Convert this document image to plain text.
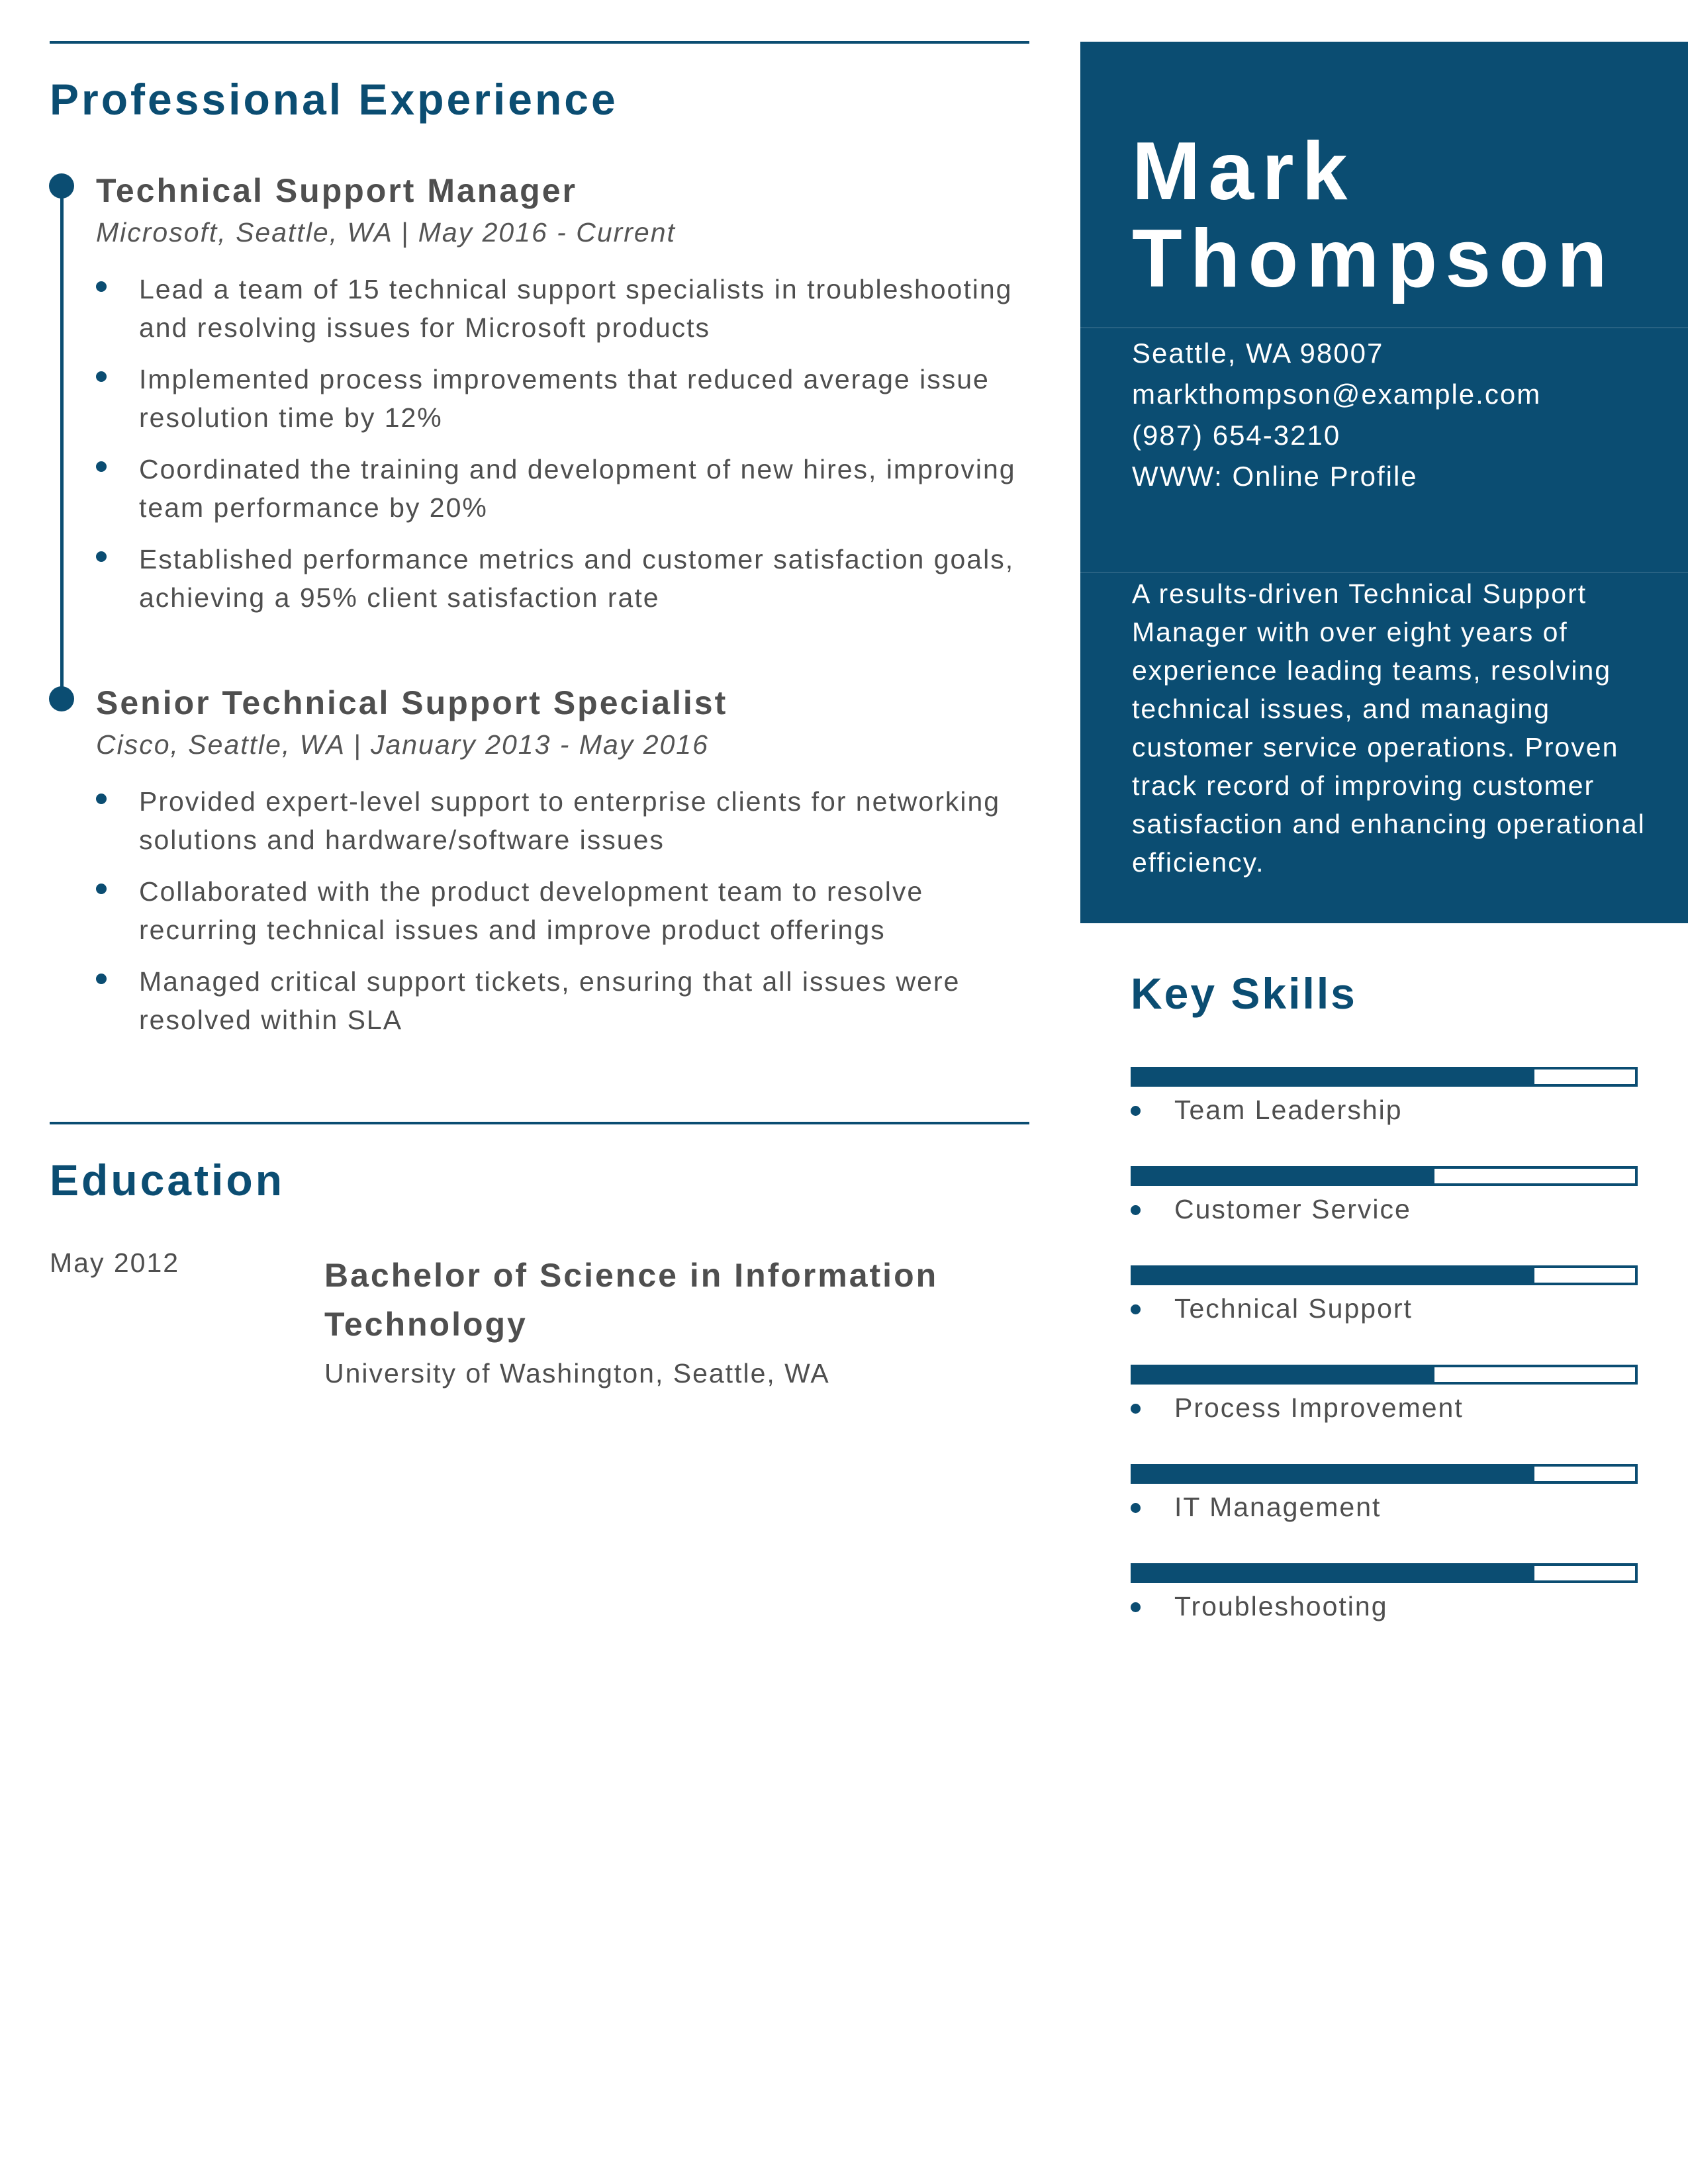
Professional Experience
Technical Support Manager

Microsoft, Seattle, WA | May 2016 - Current

Lead a team of 15 technical support specialists in troubleshooting and resolving issues for Microsoft products
Implemented process improvements that reduced average issue resolution time by 12%
Coordinated the training and development of new hires, improving team performance by 20%
Established performance metrics and customer satisfaction goals, achieving a 95% client satisfaction rate
Senior Technical Support Specialist

Cisco, Seattle, WA | January 2013 - May 2016

Provided expert-level support to enterprise clients for networking solutions and hardware/software issues
Collaborated with the product development team to resolve recurring technical issues and improve product offerings
Managed critical support tickets, ensuring that all issues were resolved within SLA
Education
May 2012	Bachelor of Science in Information Technology

University of Washington, Seattle, WA

Mark
Thompson
Seattle, WA 98007
markthompson@example.com
(987) 654-3210
WWW: Online Profile

A results-driven Technical Support Manager with over eight years of experience leading teams, resolving technical issues, and managing customer service operations. Proven track record of improving customer satisfaction and enhancing operational efficiency.

Key Skills
Team Leadership
Customer Service
Technical Support
Process Improvement
IT Management
Troubleshooting
